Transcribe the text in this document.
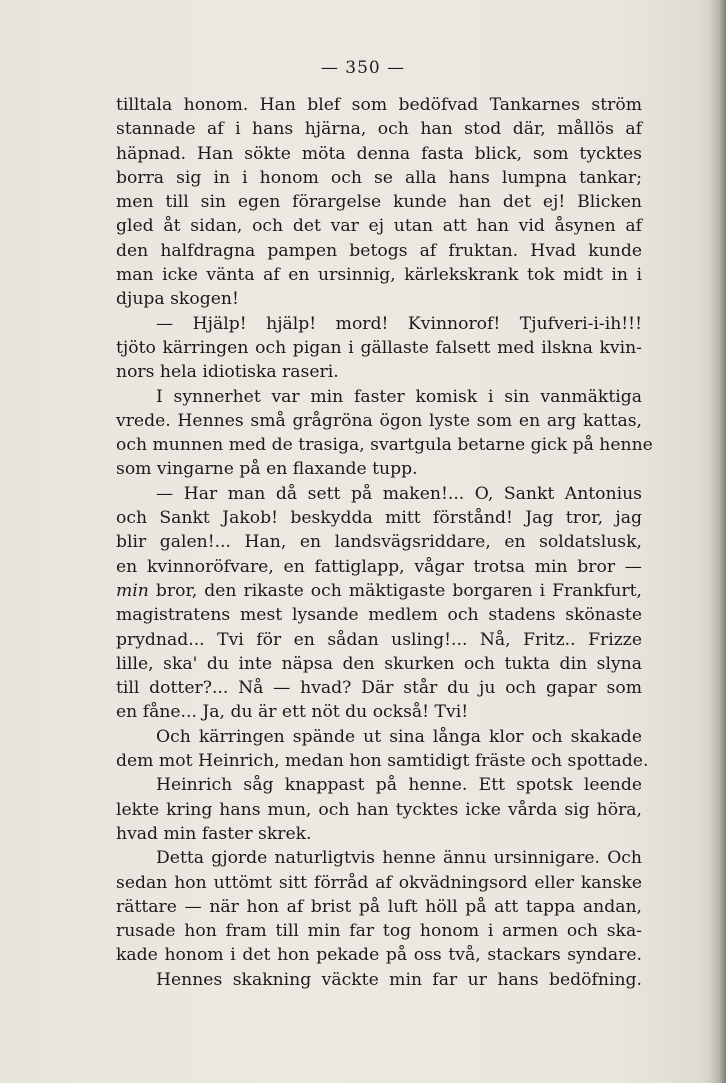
— 350 —
tilltala honom. Han blef som bedöfvad Tankarnes ström
stannade af i hans hjärna, och han stod där, mållös af
häpnad. Han sökte möta denna fasta blick, som tycktes
borra sig in i honom och se alla hans lumpna tankar;
men till sin egen förargelse kunde han det ej! Blicken
gled åt sidan, och det var ej utan att han vid åsynen af
den halfdragna pampen betogs af fruktan. Hvad kunde
man icke vänta af en ursinnig, kärlekskrank tok midt in i
djupa skogen!
— Hjälp! hjälp! mord! Kvinnorof! Tjufveri-i-ih!!!
tjöto kärringen och pigan i gällaste falsett med ilskna kvin-
nors hela idiotiska raseri.
I synnerhet var min faster komisk i sin vanmäktiga
vrede. Hennes små grågröna ögon lyste som en arg kattas,
och munnen med de trasiga, svartgula betarne gick på henne
som vingarne på en flaxande tupp.
— Har man då sett på maken!... O, Sankt Antonius
och Sankt Jakob! beskydda mitt förstånd! Jag tror, jag
blir galen!... Han, en landsvägsriddare, en soldatslusk,
en kvinnoröfvare, en fattiglapp, vågar trotsa min bror —
min bror, den rikaste och mäktigaste borgaren i Frankfurt,
magistratens mest lysande medlem och stadens skönaste
prydnad... Tvi för en sådan usling!... Nå, Fritz.. Frizze
lille, ska' du inte näpsa den skurken och tukta din slyna
till dotter?... Nå — hvad? Där står du ju och gapar som
en fåne... Ja, du är ett nöt du också! Tvi!
Och kärringen spände ut sina långa klor och skakade
dem mot Heinrich, medan hon samtidigt fräste och spottade.
Heinrich såg knappast på henne. Ett spotsk leende
lekte kring hans mun, och han tycktes icke vårda sig höra,
hvad min faster skrek.
Detta gjorde naturligtvis henne ännu ursinnigare. Och
sedan hon uttömt sitt förråd af okvädningsord eller kanske
rättare — när hon af brist på luft höll på att tappa andan,
rusade hon fram till min far tog honom i armen och ska-
kade honom i det hon pekade på oss två, stackars syndare.
Hennes skakning väckte min far ur hans bedöfning.
